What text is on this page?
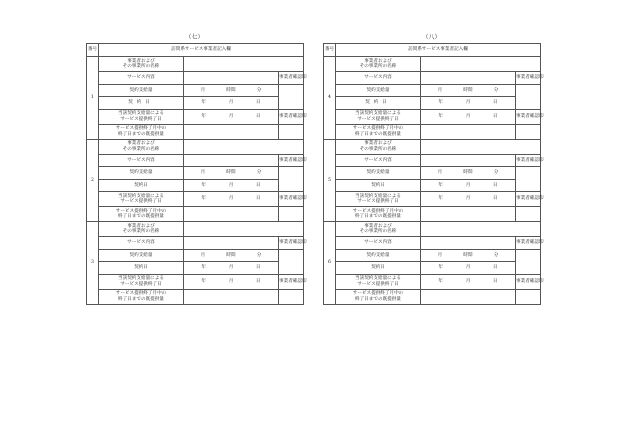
（七）
番号	訪問系サービス事業者記入欄		
1	事業者および
その事業所の名称		
	サービス内容		事業者確認印
	契約支給量	月 時間 分	

	契約日	年 月 日	

	当該契約支給量による
サービス提供終了日	年 月 日	事業者確認印
	サービス提供終了月中の
終了日までの既提供量		
2	事業者および
その事業所の名称		
	サービス内容		事業者確認印
	契約支給量	月 時間 分	

	契約日	年 月 日	

	当該契約支給量による
サービス提供終了日	年 月 日	事業者確認印
	サービス提供終了月中の
終了日までの既提供量		
3	事業者および
その事業所の名称		
	サービス内容		事業者確認印
	契約支給量	月 時間 分	

	契約日	年 月 日	

	当該契約支給量による
サービス提供終了日	年 月 日	事業者確認印
	サービス提供終了月中の
終了日までの既提供量		
（八）
番号	訪問系サービス事業者記入欄		
4	事業者および
その事業所の名称		
	サービス内容		事業者確認印
	契約支給量	月 時間 分	

	契約日	年 月 日	

	当該契約支給量による
サービス提供終了日	年 月 日	事業者確認印
	サービス提供終了月中の
終了日までの既提供量		
5	事業者および
その事業所の名称		
	サービス内容		事業者確認印
	契約支給量	月 時間 分	

	契約日	年 月 日	

	当該契約支給量による
サービス提供終了日	年 月 日	事業者確認印
	サービス提供終了月中の
終了日までの既提供量		
6	事業者および
その事業所の名称		
	サービス内容		事業者確認印
	契約支給量	月 時間 分	

	契約日	年 月 日	

	当該契約支給量による
サービス提供終了日	年 月 日	事業者確認印
	サービス提供終了月中の
終了日までの既提供量		
